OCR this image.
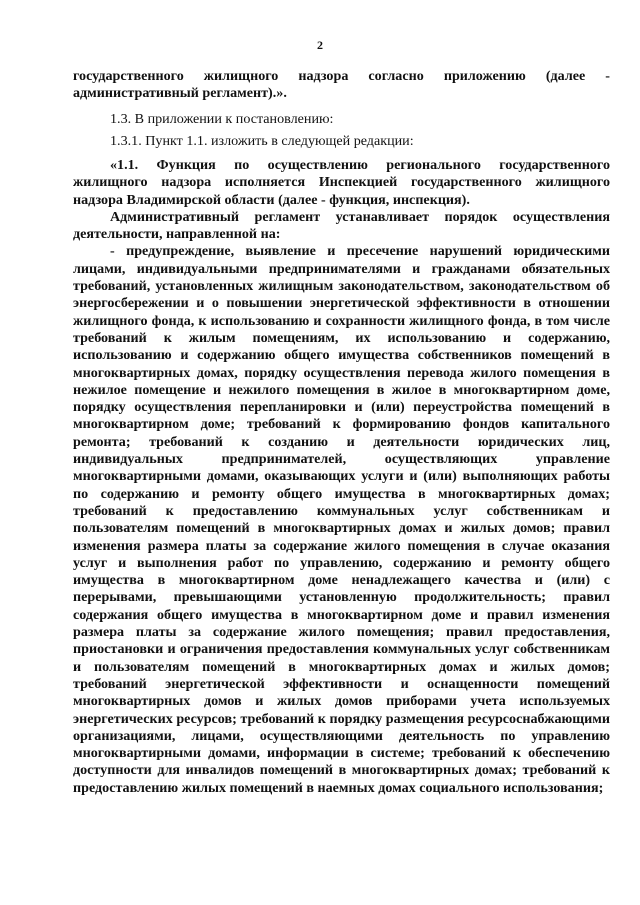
2
государственного жилищного надзора согласно приложению (далее - административный регламент).».
1.3. В приложении к постановлению:
1.3.1. Пункт 1.1. изложить в следующей редакции:

«1.1. Функция по осуществлению регионального государственного жилищного надзора исполняется Инспекцией государственного жилищного надзора Владимирской области (далее - функция, инспекция).

Административный регламент устанавливает порядок осуществления деятельности, направленной на:

- предупреждение, выявление и пресечение нарушений юридическими лицами, индивидуальными предпринимателями и гражданами обязательных требований, установленных жилищным законодательством, законодательством об энергосбережении и о повышении энергетической эффективности в отношении жилищного фонда, к использованию и сохранности жилищного фонда, в том числе требований к жилым помещениям, их использованию и содержанию, использованию и содержанию общего имущества собственников помещений в многоквартирных домах, порядку осуществления перевода жилого помещения в нежилое помещение и нежилого помещения в жилое в многоквартирном доме, порядку осуществления перепланировки и (или) переустройства помещений в многоквартирном доме; требований к формированию фондов капитального ремонта; требований к созданию и деятельности юридических лиц, индивидуальных предпринимателей, осуществляющих управление многоквартирными домами, оказывающих услуги и (или) выполняющих работы по содержанию и ремонту общего имущества в многоквартирных домах; требований к предоставлению коммунальных услуг собственникам и пользователям помещений в многоквартирных домах и жилых домов; правил изменения размера платы за содержание жилого помещения в случае оказания услуг и выполнения работ по управлению, содержанию и ремонту общего имущества в многоквартирном доме ненадлежащего качества и (или) с перерывами, превышающими установленную продолжительность; правил содержания общего имущества в многоквартирном доме и правил изменения размера платы за содержание жилого помещения; правил предоставления, приостановки и ограничения предоставления коммунальных услуг собственникам и пользователям помещений в многоквартирных домах и жилых домов; требований энергетической эффективности и оснащенности помещений многоквартирных домов и жилых домов приборами учета используемых энергетических ресурсов; требований к порядку размещения ресурсоснабжающими организациями, лицами, осуществляющими деятельность по управлению многоквартирными домами, информации в системе; требований к обеспечению доступности для инвалидов помещений в многоквартирных домах; требований к предоставлению жилых помещений в наемных домах социального использования;
